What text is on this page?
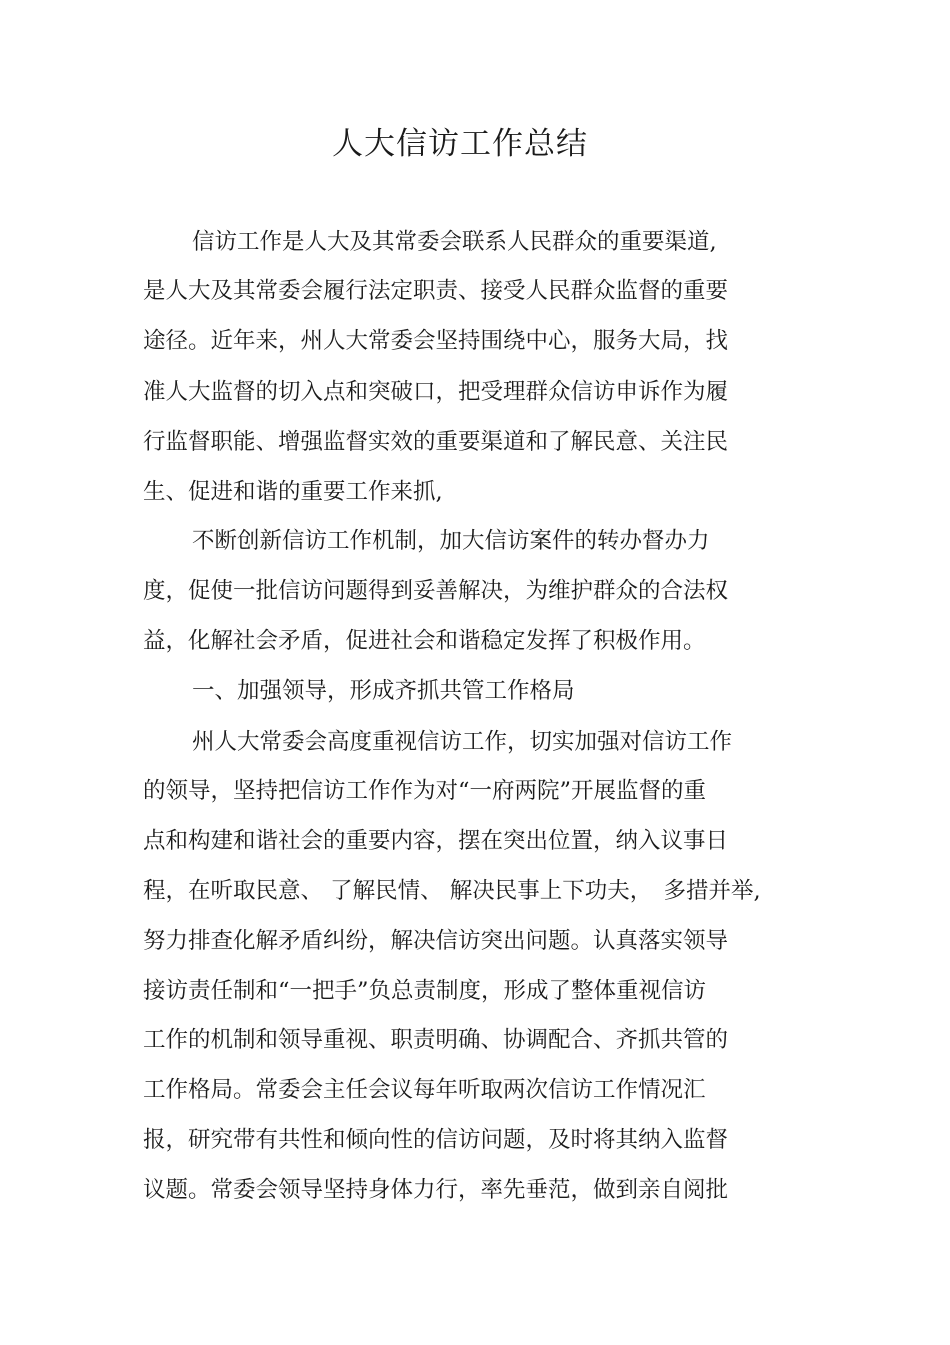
人大信访工作总结

信访工作是人大及其常委会联系人民群众的重要渠道,

是人大及其常委会履行法定职责、接受人民群众监督的重要

途径。近年来，州人大常委会坚持围绕中心，服务大局，找

准人大监督的切入点和突破口，把受理群众信访申诉作为履

行监督职能、增强监督实效的重要渠道和了解民意、关注民

生、促进和谐的重要工作来抓,

不断创新信访工作机制，加大信访案件的转办督办力

度，促使一批信访问题得到妥善解决，为维护群众的合法权

益，化解社会矛盾，促进社会和谐稳定发挥了积极作用。

一、加强领导，形成齐抓共管工作格局

州人大常委会高度重视信访工作，切实加强对信访工作

的领导，坚持把信访工作作为对“一府两院”开展监督的重

点和构建和谐社会的重要内容，摆在突出位置，纳入议事日

程，在听取民意、 了解民情、 解决民事上下功夫，　多措并举,

努力排查化解矛盾纠纷，解决信访突出问题。认真落实领导

接访责任制和“一把手”负总责制度，形成了整体重视信访

工作的机制和领导重视、职责明确、协调配合、齐抓共管的

工作格局。常委会主任会议每年听取两次信访工作情况汇

报，研究带有共性和倾向性的信访问题，及时将其纳入监督

议题。常委会领导坚持身体力行，率先垂范，做到亲自阅批
